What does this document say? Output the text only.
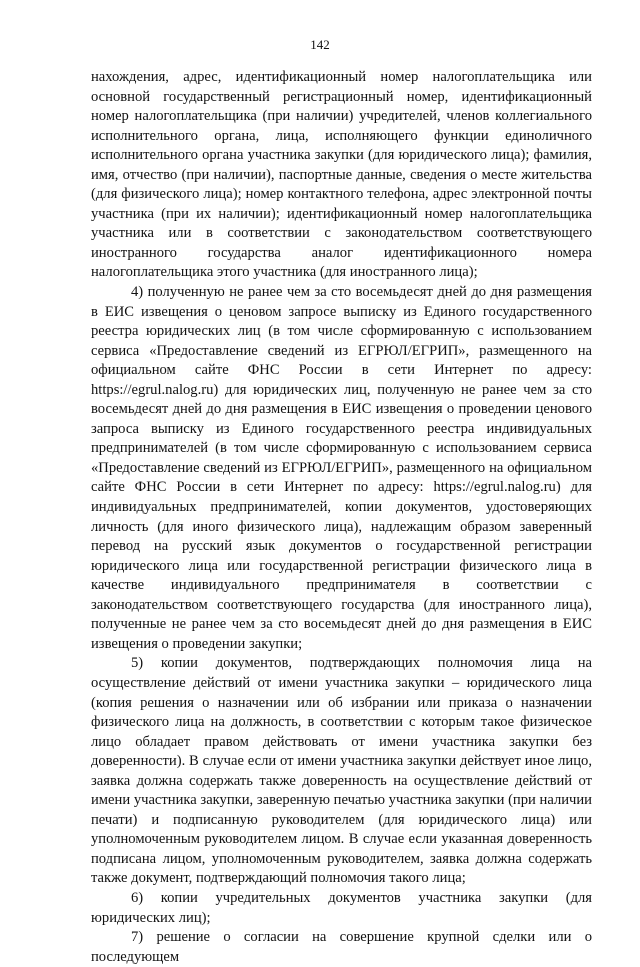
142

нахождения, адрес, идентификационный номер налогоплательщика или основной государственный регистрационный номер, идентификационный номер налогоплательщика (при наличии) учредителей, членов коллегиального исполнительного органа, лица, исполняющего функции единоличного исполнительного органа участника закупки (для юридического лица); фамилия, имя, отчество (при наличии), паспортные данные, сведения о месте жительства (для физического лица); номер контактного телефона, адрес электронной почты участника (при их наличии); идентификационный номер налогоплательщика участника или в соответствии с законодательством соответствующего иностранного государства аналог идентификационного номера налогоплательщика этого участника (для иностранного лица);

4) полученную не ранее чем за сто восемьдесят дней до дня размещения в ЕИС извещения о ценовом запросе выписку из Единого государственного реестра юридических лиц (в том числе сформированную с использованием сервиса «Предоставление сведений из ЕГРЮЛ/ЕГРИП», размещенного на официальном сайте ФНС России в сети Интернет по адресу: https://egrul.nalog.ru) для юридических лиц, полученную не ранее чем за сто восемьдесят дней до дня размещения в ЕИС извещения о проведении ценового запроса выписку из Единого государственного реестра индивидуальных предпринимателей (в том числе сформированную с использованием сервиса «Предоставление сведений из ЕГРЮЛ/ЕГРИП», размещенного на официальном сайте ФНС России в сети Интернет по адресу: https://egrul.nalog.ru) для индивидуальных предпринимателей, копии документов, удостоверяющих личность (для иного физического лица), надлежащим образом заверенный перевод на русский язык документов о государственной регистрации юридического лица или государственной регистрации физического лица в качестве индивидуального предпринимателя в соответствии с законодательством соответствующего государства (для иностранного лица), полученные не ранее чем за сто восемьдесят дней до дня размещения в ЕИС извещения о проведении закупки;

5) копии документов, подтверждающих полномочия лица на осуществление действий от имени участника закупки – юридического лица (копия решения о назначении или об избрании или приказа о назначении физического лица на должность, в соответствии с которым такое физическое лицо обладает правом действовать от имени участника закупки без доверенности). В случае если от имени участника закупки действует иное лицо, заявка должна содержать также доверенность на осуществление действий от имени участника закупки, заверенную печатью участника закупки (при наличии печати) и подписанную руководителем (для юридического лица) или уполномоченным руководителем лицом. В случае если указанная доверенность подписана лицом, уполномоченным руководителем, заявка должна содержать также документ, подтверждающий полномочия такого лица;

6) копии учредительных документов участника закупки (для юридических лиц);

7) решение о согласии на совершение крупной сделки или о последующем
